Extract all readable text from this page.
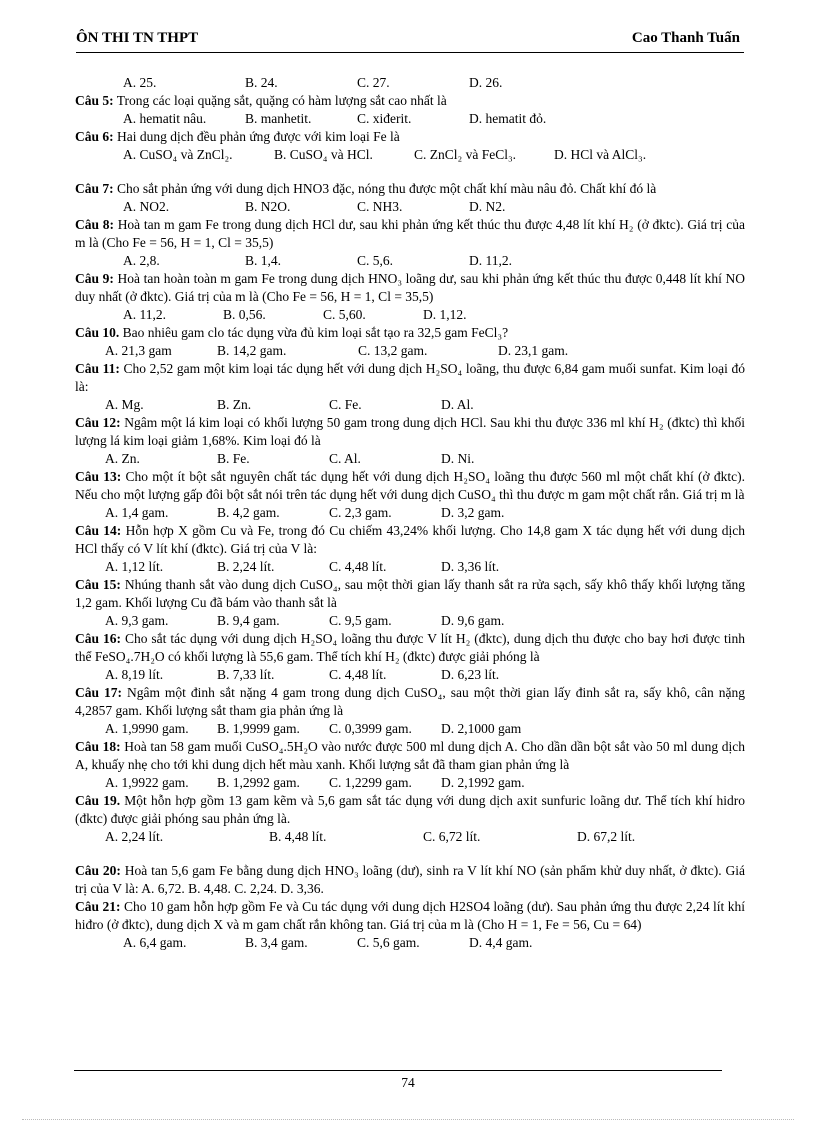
ÔN THI TN THPT	Cao Thanh Tuấn
A. 25.	B. 24.	C. 27.	D. 26.
Câu 5: Trong các loại quặng sắt, quặng có hàm lượng sắt cao nhất là
A. hematit nâu.	B. manhetit.	C. xiđerit.	D. hematit đỏ.
Câu 6: Hai dung dịch đều phản ứng được với kim loại Fe là
A. CuSO₄ và ZnCl₂.	B. CuSO₄ và HCl.	C. ZnCl₂ và FeCl₃.	D. HCl và AlCl₃.
Câu 7: Cho sắt phản ứng với dung dịch HNO3 đặc, nóng thu được một chất khí màu nâu đỏ. Chất khí đó là
A. NO2.	B. N2O.	C. NH3.	D. N2.
Câu 8: Hoà tan m gam Fe trong dung dịch HCl dư, sau khi phản ứng kết thúc thu được 4,48 lít khí H₂ (ở đktc). Giá trị của m là (Cho Fe = 56, H = 1, Cl = 35,5)
A. 2,8.	B. 1,4.	C. 5,6.	D. 11,2.
Câu 9: Hoà tan hoàn toàn m gam Fe trong dung dịch HNO₃ loãng dư, sau khi phản ứng kết thúc thu được 0,448 lít khí NO duy nhất (ở đktc). Giá trị của m là (Cho Fe = 56, H = 1, Cl = 35,5)
A. 11,2.	B. 0,56.	C. 5,60.	D. 1,12.
Câu 10. Bao nhiêu gam clo tác dụng vừa đủ kim loại sắt tạo ra 32,5 gam FeCl₃?
A. 21,3 gam	B. 14,2 gam.	C. 13,2 gam.	D. 23,1 gam.
Câu 11: Cho 2,52 gam một kim loại tác dụng hết với dung dịch H₂SO₄ loãng, thu được 6,84 gam muối sunfat. Kim loại đó là:
A. Mg.	B. Zn.	C. Fe.	D. Al.
Câu 12: Ngâm một lá kim loại có khối lượng 50 gam trong dung dịch HCl. Sau khi thu được 336 ml khí H₂ (đktc) thì khối lượng lá kim loại giảm 1,68%. Kim loại đó là
A. Zn.	B. Fe.	C. Al.	D. Ni.
Câu 13: Cho một ít bột sắt nguyên chất tác dụng hết với dung dịch H₂SO₄ loãng thu được 560 ml một chất khí (ở đktc). Nếu cho một lượng gấp đôi bột sắt nói trên tác dụng hết với dung dịch CuSO₄ thì thu được m gam một chất rắn. Giá trị m là
A. 1,4 gam.	B. 4,2 gam.	C. 2,3 gam.	D. 3,2 gam.
Câu 14: Hỗn hợp X gồm Cu và Fe, trong đó Cu chiếm 43,24% khối lượng. Cho 14,8 gam X tác dụng hết với dung dịch HCl thấy có V lít khí (đktc). Giá trị của V là:
A. 1,12 lít.	B. 2,24 lít.	C. 4,48 lít.	D. 3,36 lít.
Câu 15: Nhúng thanh sắt vào dung dịch CuSO₄, sau một thời gian lấy thanh sắt ra rửa sạch, sấy khô thấy khối lượng tăng 1,2 gam. Khối lượng Cu đã bám vào thanh sắt là
A. 9,3 gam.	B. 9,4 gam.	C. 9,5 gam.	D. 9,6 gam.
Câu 16: Cho sắt tác dụng với dung dịch H₂SO₄ loãng thu được V lít H₂ (đktc), dung dịch thu được cho bay hơi được tinh thể FeSO₄.7H₂O có khối lượng là 55,6 gam. Thể tích khí H₂ (đktc) được giải phóng là
A. 8,19 lít.	B. 7,33 lít.	C. 4,48 lít.	D. 6,23 lít.
Câu 17: Ngâm một đinh sắt nặng 4 gam trong dung dịch CuSO₄, sau một thời gian lấy đinh sắt ra, sấy khô, cân nặng 4,2857 gam. Khối lượng sắt tham gia phản ứng là
A. 1,9990 gam.	B. 1,9999 gam.	C. 0,3999 gam.	D. 2,1000 gam
Câu 18: Hoà tan 58 gam muối CuSO₄.5H₂O vào nước được 500 ml dung dịch A. Cho dần dần bột sắt vào 50 ml dung dịch A, khuấy nhẹ cho tới khi dung dịch hết màu xanh. Khối lượng sắt đã tham gian phản ứng là
A. 1,9922 gam.	B. 1,2992 gam.	C. 1,2299 gam.	D. 2,1992 gam.
Câu 19. Một hỗn hợp gồm 13 gam kẽm và 5,6 gam sắt tác dụng với dung dịch axit sunfuric loãng dư. Thể tích khí hidro (đktc) được giải phóng sau phản ứng là.
A. 2,24 lít.	B. 4,48 lít.	C. 6,72 lít.	D. 67,2 lít.
Câu 20: Hoà tan 5,6 gam Fe bằng dung dịch HNO₃ loãng (dư), sinh ra V lít khí NO (sản phẩm khử duy nhất, ở đktc). Giá trị của V là: A. 6,72. B. 4,48. C. 2,24. D. 3,36.
Câu 21: Cho 10 gam hỗn hợp gồm Fe và Cu tác dụng với dung dịch H2SO4 loãng (dư). Sau phản ứng thu được 2,24 lít khí hiđro (ở đktc), dung dịch X và m gam chất rắn không tan. Giá trị của m là (Cho H = 1, Fe = 56, Cu = 64)
A. 6,4 gam.	B. 3,4 gam.	C. 5,6 gam.	D. 4,4 gam.
74
